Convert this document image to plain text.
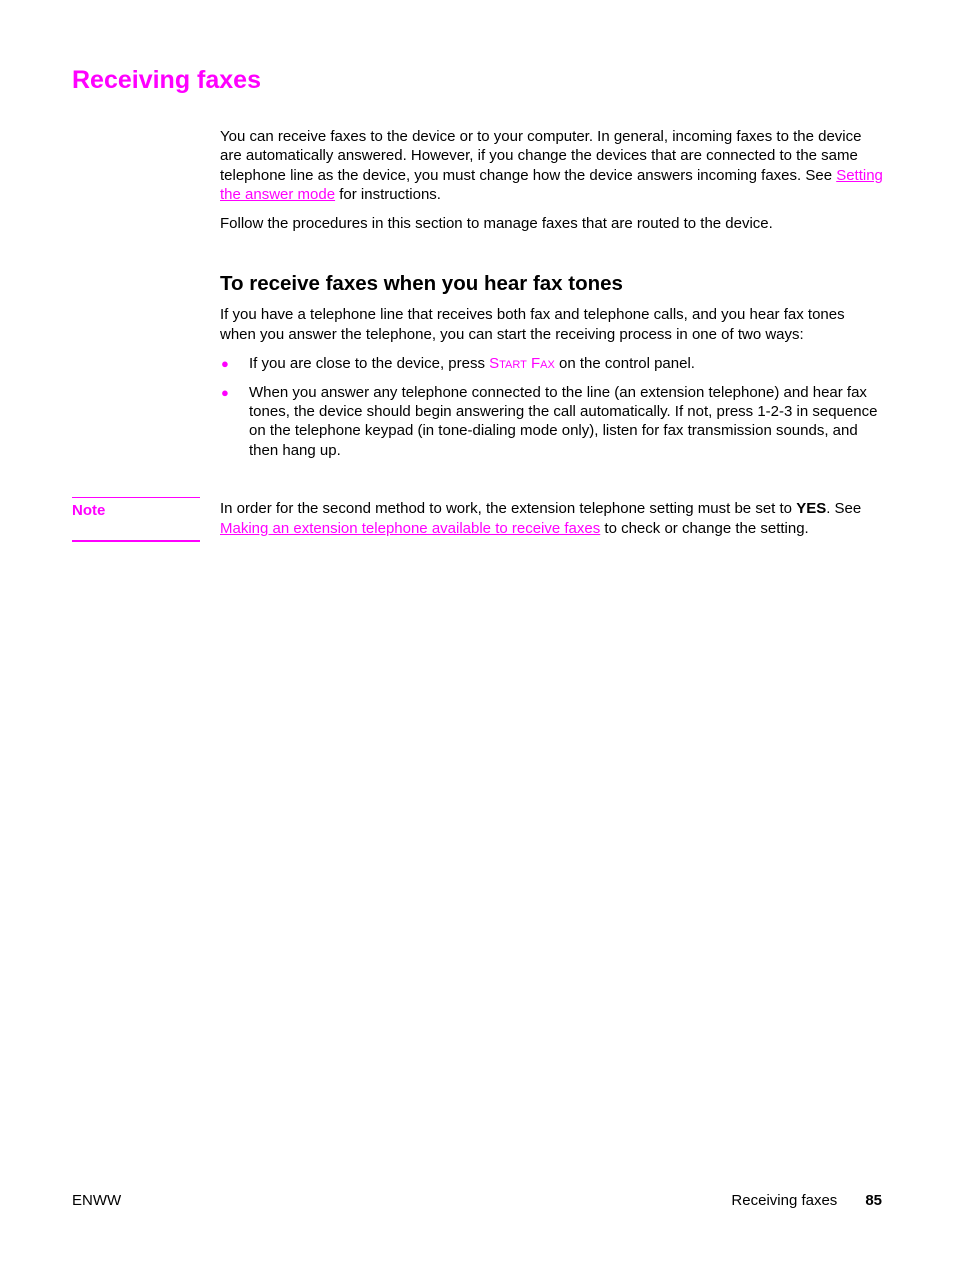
Receiving faxes

You can receive faxes to the device or to your computer. In general, incoming faxes to the device are automatically answered. However, if you change the devices that are connected to the same telephone line as the device, you must change how the device answers incoming faxes. See Setting the answer mode for instructions.

Follow the procedures in this section to manage faxes that are routed to the device.

To receive faxes when you hear fax tones

If you have a telephone line that receives both fax and telephone calls, and you hear fax tones when you answer the telephone, you can start the receiving process in one of two ways:

● If you are close to the device, press Start Fax on the control panel.
● When you answer any telephone connected to the line (an extension telephone) and hear fax tones, the device should begin answering the call automatically. If not, press 1-2-3 in sequence on the telephone keypad (in tone-dialing mode only), listen for fax transmission sounds, and then hang up.
Note	In order for the second method to work, the extension telephone setting must be set to YES. See Making an extension telephone available to receive faxes to check or change the setting.
ENWW	Receiving faxes 85
